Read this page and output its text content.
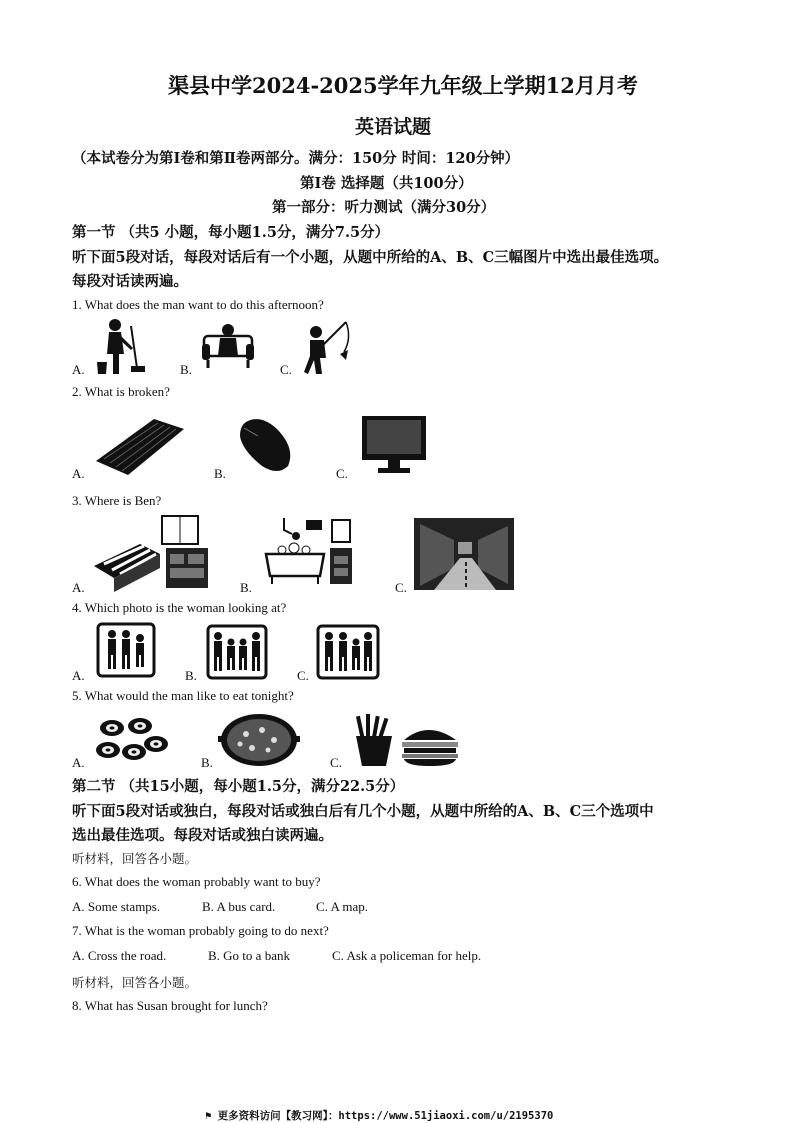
渠县中学2024-2025学年九年级上学期12月月考
英语试题
（本试卷分为第Ⅰ卷和第Ⅱ卷两部分。满分：150分 时间：120分钟）
第Ⅰ卷 选择题（共100分）
第一部分：听力测试（满分30分）
第一节 （共5 小题，每小题1.5分，满分7.5分）
听下面5段对话，每段对话后有一个小题，从题中所给的A、B、C三幅图片中选出最佳选项。
每段对话读两遍。
1. What does the man want to do this afternoon?
A.	B.	C.
2. What is broken?
A.	B.	C.
3. Where is Ben?
A.	B.	C.
4. Which photo is the woman looking at?
A.	B.	C.
5. What would the man like to eat tonight?
A.	B.	C.
第二节 （共15小题，每小题1.5分，满分22.5分）
听下面5段对话或独白，每段对话或独白后有几个小题，从题中所给的A、B、C三个选项中
选出最佳选项。每段对话或独白读两遍。
听材料，回答各小题。
6. What does the woman probably want to buy?
A. Some stamps.	B. A bus card.	C. A map.
7. What is the woman probably going to do next?
A. Cross the road.	B. Go to a bank	C. Ask a policeman for help.
听材料，回答各小题。
8. What has Susan brought for lunch?
⚑ 更多资料访问【教习网】：https://www.51jiaoxi.com/u/2195370
